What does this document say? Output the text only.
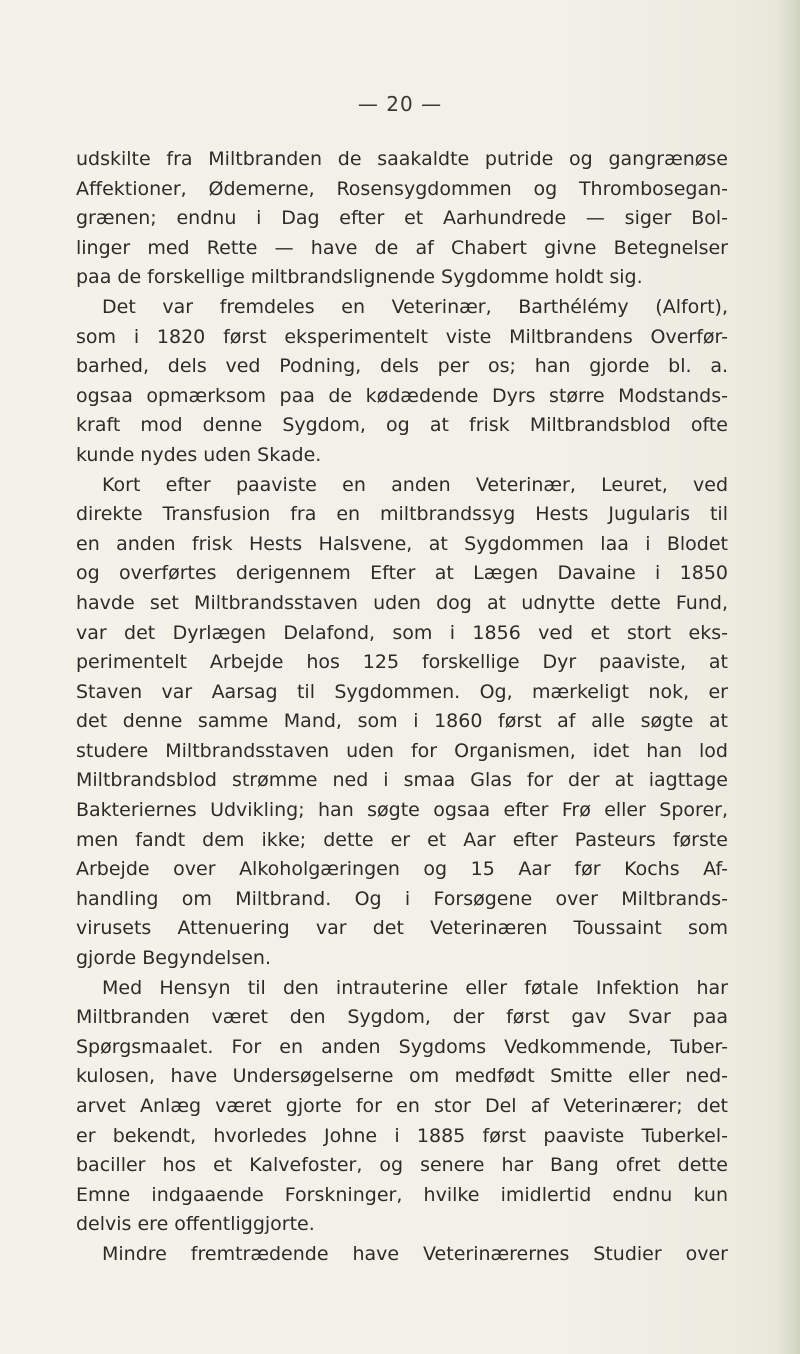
— 20 —
udskilte fra Miltbranden de saakaldte putride og gangrænøse
Affektioner, Ødemerne, Rosensygdommen og Thrombosegan-
grænen; endnu i Dag efter et Aarhundrede — siger Bol-
linger med Rette — have de af Chabert givne Betegnelser
paa de forskellige miltbrandslignende Sygdomme holdt sig.
Det var fremdeles en Veterinær, Barthélémy (Alfort),
som i 1820 først eksperimentelt viste Miltbrandens Overfør-
barhed, dels ved Podning, dels per os; han gjorde bl. a.
ogsaa opmærksom paa de kødædende Dyrs større Modstands-
kraft mod denne Sygdom, og at frisk Miltbrandsblod ofte
kunde nydes uden Skade.
Kort efter paaviste en anden Veterinær, Leuret, ved
direkte Transfusion fra en miltbrandssyg Hests Jugularis til
en anden frisk Hests Halsvene, at Sygdommen laa i Blodet
og overførtes derigennem Efter at Lægen Davaine i 1850
havde set Miltbrandsstaven uden dog at udnytte dette Fund,
var det Dyrlægen Delafond, som i 1856 ved et stort eks-
perimentelt Arbejde hos 125 forskellige Dyr paaviste, at
Staven var Aarsag til Sygdommen. Og, mærkeligt nok, er
det denne samme Mand, som i 1860 først af alle søgte at
studere Miltbrandsstaven uden for Organismen, idet han lod
Miltbrandsblod strømme ned i smaa Glas for der at iagttage
Bakteriernes Udvikling; han søgte ogsaa efter Frø eller Sporer,
men fandt dem ikke; dette er et Aar efter Pasteurs første
Arbejde over Alkoholgæringen og 15 Aar før Kochs Af-
handling om Miltbrand. Og i Forsøgene over Miltbrands-
virusets Attenuering var det Veterinæren Toussaint som
gjorde Begyndelsen.
Med Hensyn til den intrauterine eller føtale Infektion har
Miltbranden været den Sygdom, der først gav Svar paa
Spørgsmaalet. For en anden Sygdoms Vedkommende, Tuber-
kulosen, have Undersøgelserne om medfødt Smitte eller ned-
arvet Anlæg været gjorte for en stor Del af Veterinærer; det
er bekendt, hvorledes Johne i 1885 først paaviste Tuberkel-
baciller hos et Kalvefoster, og senere har Bang ofret dette
Emne indgaaende Forskninger, hvilke imidlertid endnu kun
delvis ere offentliggjorte.
Mindre fremtrædende have Veterinærernes Studier over
